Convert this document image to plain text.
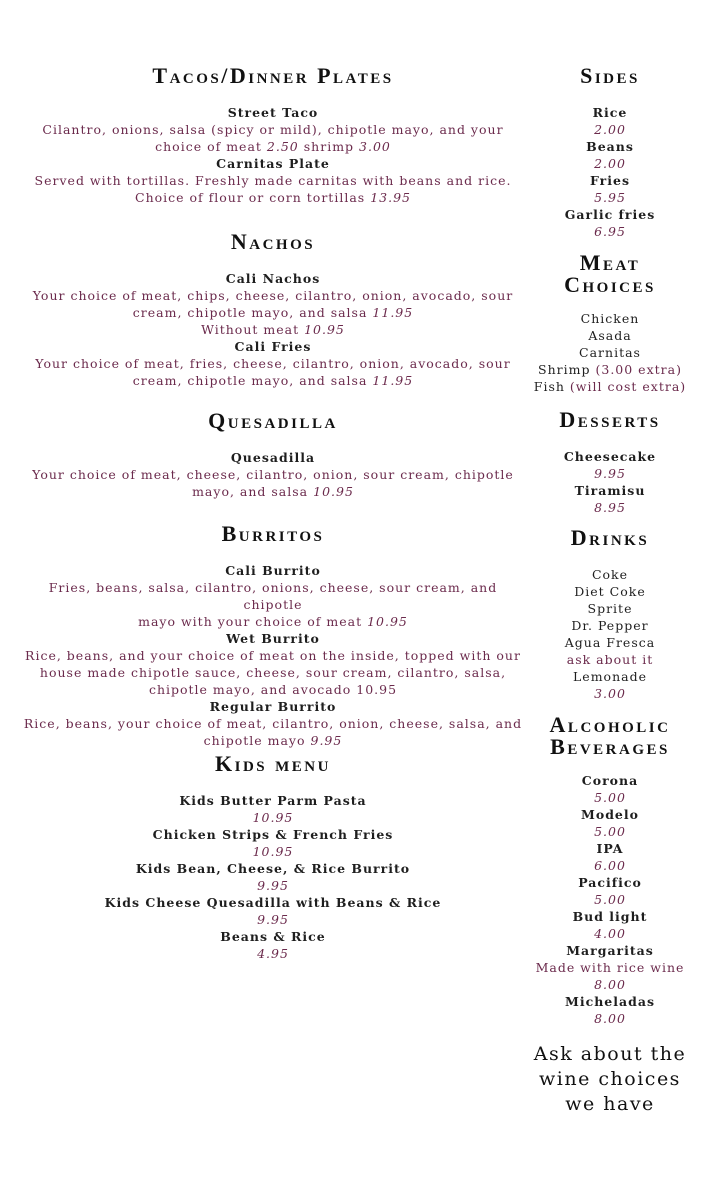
Tacos/Dinner Plates
Street Taco
Cilantro, onions, salsa (spicy or mild), chipotle mayo, and your
choice of meat 2.50 shrimp 3.00
Carnitas Plate
Served with tortillas. Freshly made carnitas with beans and rice.
Choice of flour or corn tortillas 13.95
Nachos
Cali Nachos
Your choice of meat, chips, cheese, cilantro, onion, avocado, sour
cream, chipotle mayo, and salsa 11.95
Without meat 10.95
Cali Fries
Your choice of meat, fries, cheese, cilantro, onion, avocado, sour
cream, chipotle mayo, and salsa 11.95
Quesadilla
Quesadilla
Your choice of meat, cheese, cilantro, onion, sour cream, chipotle
mayo, and salsa 10.95
Burritos
Cali Burrito
Fries, beans, salsa, cilantro, onions, cheese, sour cream, and chipotle
mayo with your choice of meat 10.95
Wet Burrito
Rice, beans, and your choice of meat on the inside, topped with our
house made chipotle sauce, cheese, sour cream, cilantro, salsa,
chipotle mayo, and avocado 10.95
Regular Burrito
Rice, beans, your choice of meat, cilantro, onion, cheese, salsa, and
chipotle mayo 9.95
Kids menu
Kids Butter Parm Pasta
10.95
Chicken Strips & French Fries
10.95
Kids Bean, Cheese, & Rice Burrito
9.95
Kids Cheese Quesadilla with Beans & Rice
9.95
Beans & Rice
4.95
Sides
Rice
2.00
Beans
2.00
Fries
5.95
Garlic fries
6.95
Meat
Choices
Chicken
Asada
Carnitas
Shrimp (3.00 extra)
Fish (will cost extra)
Desserts
Cheesecake
9.95
Tiramisu
8.95
Drinks
Coke
Diet Coke
Sprite
Dr. Pepper
Agua Fresca
ask about it
Lemonade
3.00
Alcoholic
Beverages
Corona
5.00
Modelo
5.00
IPA
6.00
Pacifico
5.00
Bud light
4.00
Margaritas
Made with rice wine
8.00
Micheladas
8.00
Ask about the
wine choices
we have
